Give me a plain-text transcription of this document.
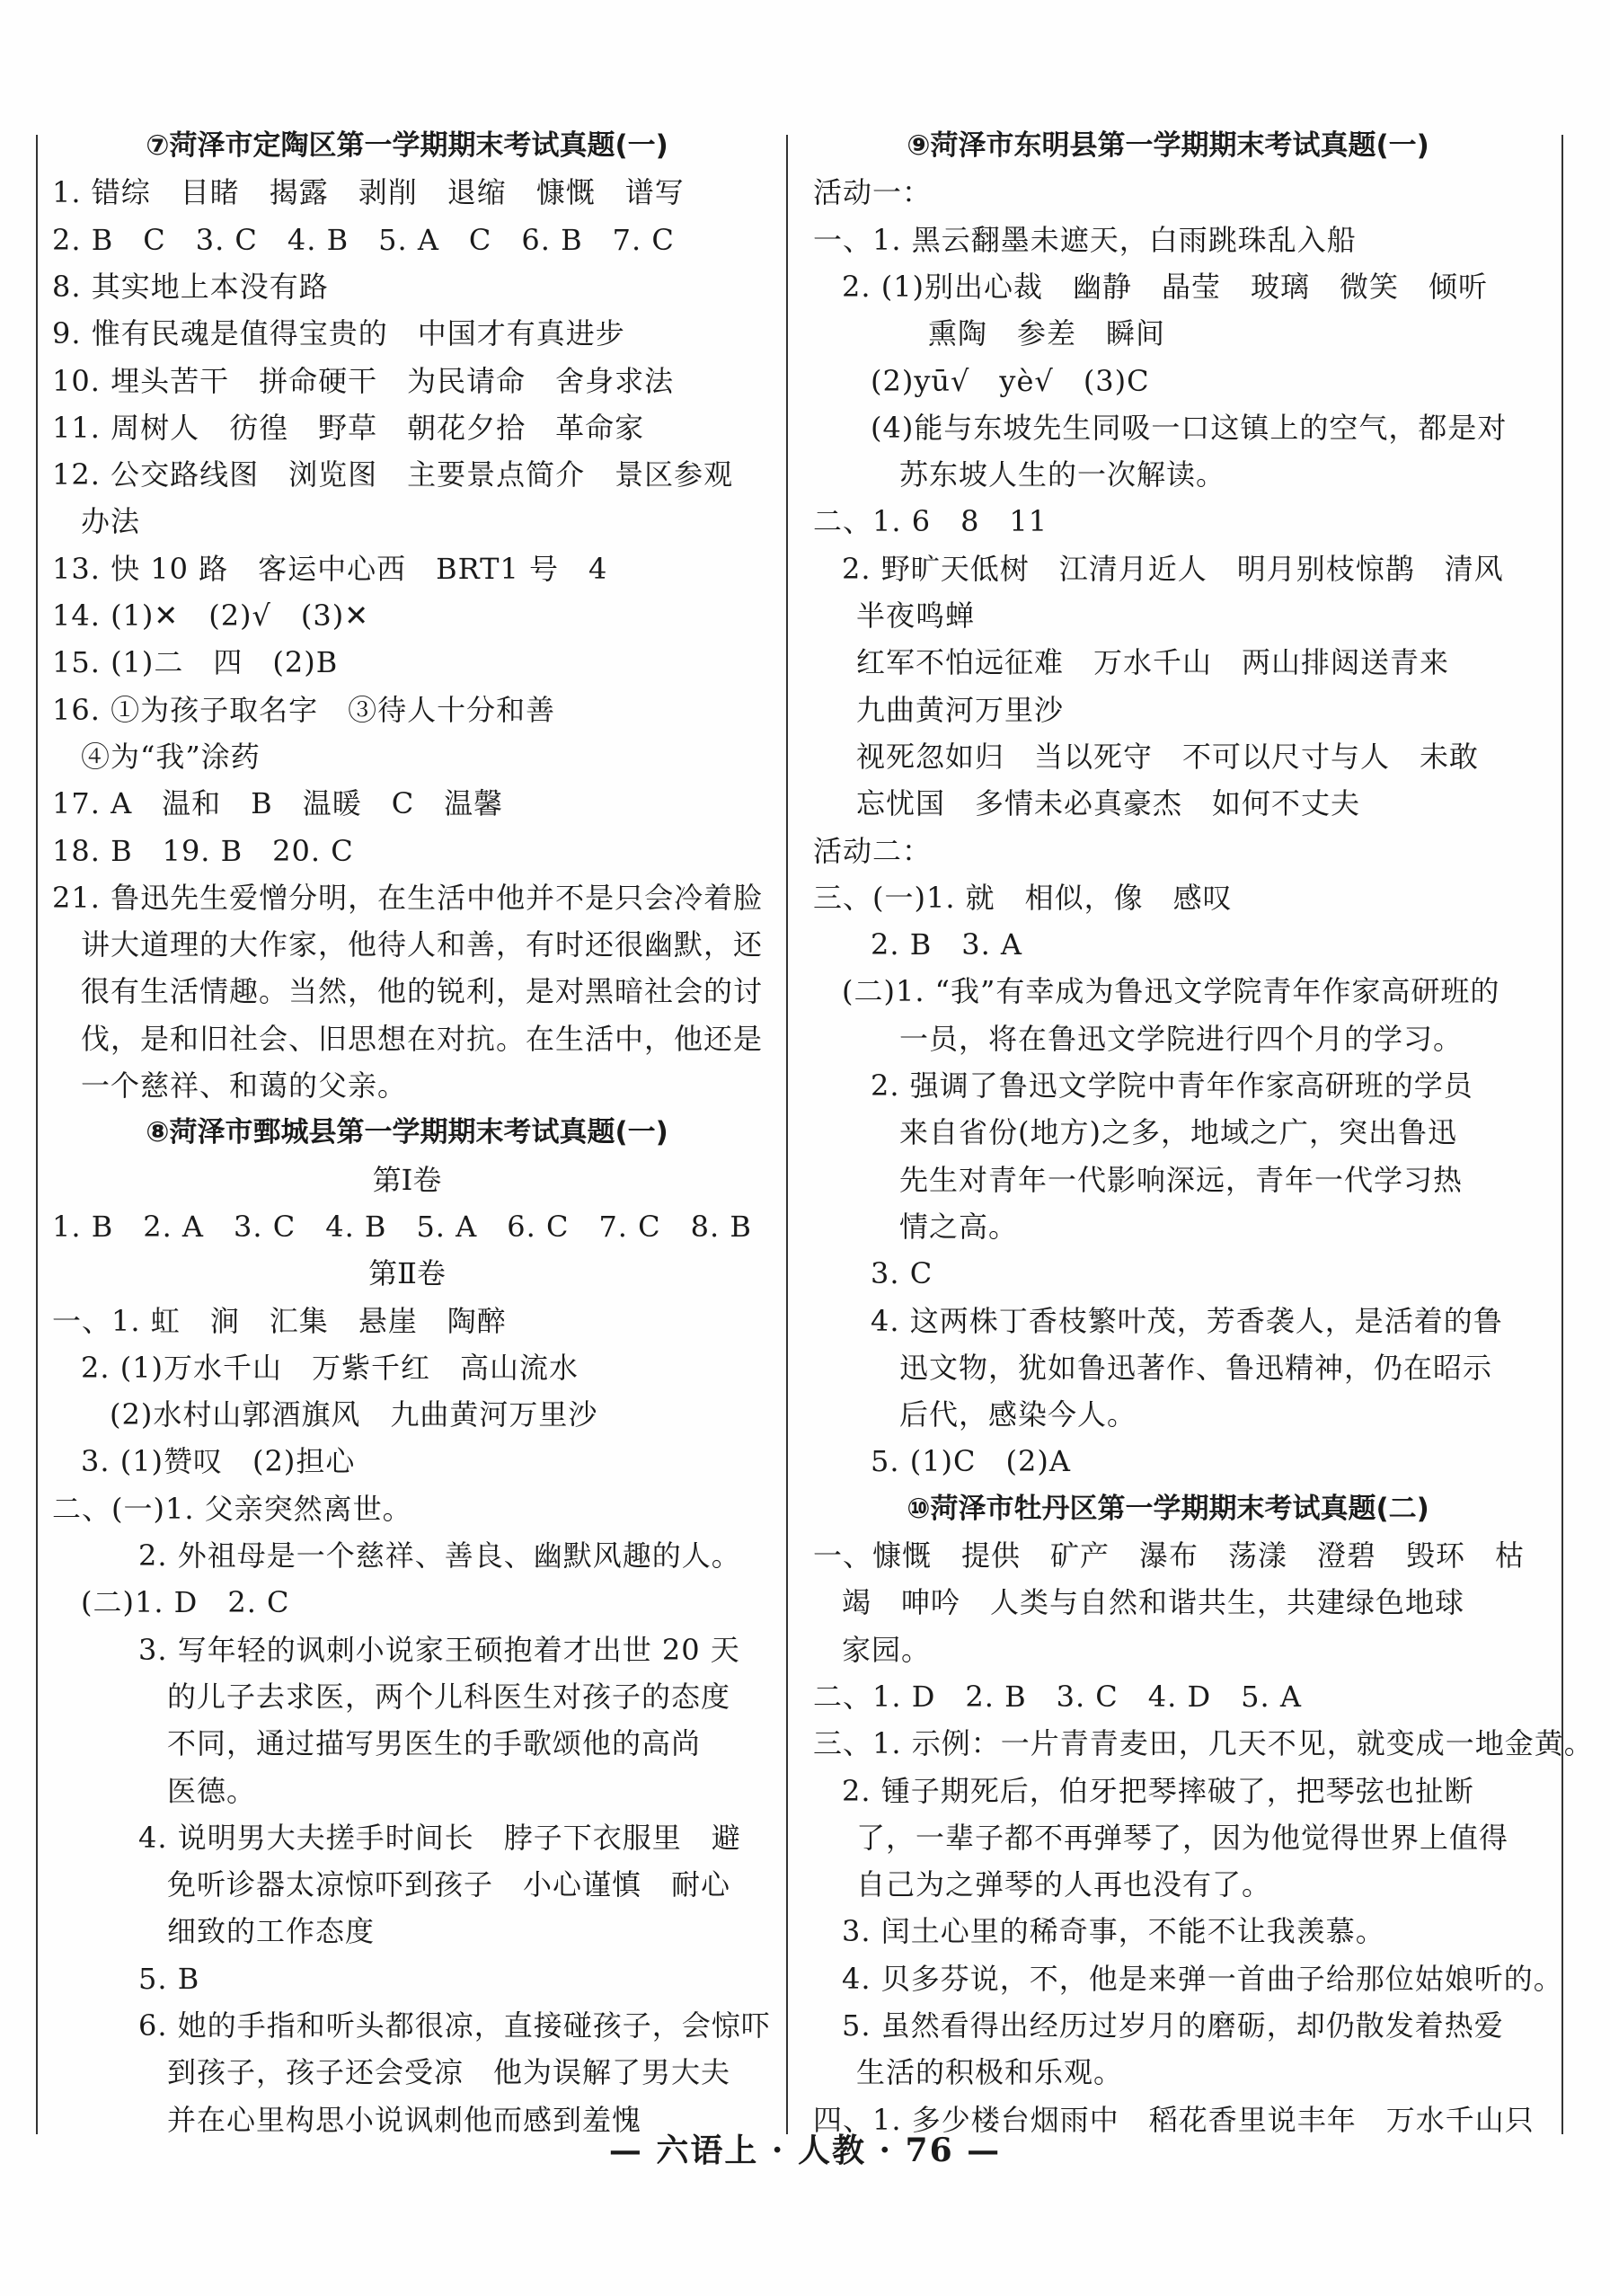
⑦菏泽市定陶区第一学期期末考试真题(一)
1. 错综　目睹　揭露　剥削　退缩　慷慨　谱写
2. B　C　3. C　4. B　5. A　C　6. B　7. C
8. 其实地上本没有路
9. 惟有民魂是值得宝贵的　中国才有真进步
10. 埋头苦干　拼命硬干　为民请命　舍身求法
11. 周树人　彷徨　野草　朝花夕拾　革命家
12. 公交路线图　浏览图　主要景点简介　景区参观
办法
13. 快 10 路　客运中心西　BRT1 号　4
14. (1)✕　(2)√　(3)✕
15. (1)二　四　(2)B
16. ①为孩子取名字　③待人十分和善
④为“我”涂药
17. A　温和　B　温暖　C　温馨
18. B　19. B　20. C
21. 鲁迅先生爱憎分明，在生活中他并不是只会冷着脸
讲大道理的大作家，他待人和善，有时还很幽默，还
很有生活情趣。当然，他的锐利，是对黑暗社会的讨
伐，是和旧社会、旧思想在对抗。在生活中，他还是
一个慈祥、和蔼的父亲。
⑧菏泽市鄄城县第一学期期末考试真题(一)
第Ⅰ卷
1. B　2. A　3. C　4. B　5. A　6. C　7. C　8. B
第Ⅱ卷
一、1. 虹　涧　汇集　悬崖　陶醉
2. (1)万水千山　万紫千红　高山流水
(2)水村山郭酒旗风　九曲黄河万里沙
3. (1)赞叹　(2)担心
二、(一)1. 父亲突然离世。
2. 外祖母是一个慈祥、善良、幽默风趣的人。
(二)1. D　2. C
3. 写年轻的讽刺小说家王硕抱着才出世 20 天
的儿子去求医，两个儿科医生对孩子的态度
不同，通过描写男医生的手歌颂他的高尚
医德。
4. 说明男大夫搓手时间长　脖子下衣服里　避
免听诊器太凉惊吓到孩子　小心谨慎　耐心
细致的工作态度
5. B
6. 她的手指和听头都很凉，直接碰孩子，会惊吓
到孩子，孩子还会受凉　他为误解了男大夫
并在心里构思小说讽刺他而感到羞愧
⑨菏泽市东明县第一学期期末考试真题(一)
活动一：
一、1. 黑云翻墨未遮天，白雨跳珠乱入船
2. (1)别出心裁　幽静　晶莹　玻璃　微笑　倾听
熏陶　参差　瞬间
(2)yū√　yè√　(3)C
(4)能与东坡先生同吸一口这镇上的空气，都是对
苏东坡人生的一次解读。
二、1. 6　8　11
2. 野旷天低树　江清月近人　明月别枝惊鹊　清风
半夜鸣蝉
红军不怕远征难　万水千山　两山排闼送青来
九曲黄河万里沙
视死忽如归　当以死守　不可以尺寸与人　未敢
忘忧国　多情未必真豪杰　如何不丈夫
活动二：
三、(一)1. 就　相似，像　感叹
2. B　3. A
(二)1. “我”有幸成为鲁迅文学院青年作家高研班的
一员，将在鲁迅文学院进行四个月的学习。
2. 强调了鲁迅文学院中青年作家高研班的学员
来自省份(地方)之多，地域之广，突出鲁迅
先生对青年一代影响深远，青年一代学习热
情之高。
3. C
4. 这两株丁香枝繁叶茂，芳香袭人，是活着的鲁
迅文物，犹如鲁迅著作、鲁迅精神，仍在昭示
后代，感染今人。
5. (1)C　(2)A
⑩菏泽市牡丹区第一学期期末考试真题(二)
一、慷慨　提供　矿产　瀑布　荡漾　澄碧　毁环　枯
竭　呻吟　人类与自然和谐共生，共建绿色地球
家园。
二、1. D　2. B　3. C　4. D　5. A
三、1. 示例：一片青青麦田，几天不见，就变成一地金黄。
2. 锺子期死后，伯牙把琴摔破了，把琴弦也扯断
了，一辈子都不再弹琴了，因为他觉得世界上值得
自己为之弹琴的人再也没有了。
3. 闰土心里的稀奇事，不能不让我羡慕。
4. 贝多芬说，不，他是来弹一首曲子给那位姑娘听的。
5. 虽然看得出经历过岁月的磨砺，却仍散发着热爱
生活的积极和乐观。
四、1. 多少楼台烟雨中　稻花香里说丰年　万水千山只
— 六语上 · 人教 · 76 —
